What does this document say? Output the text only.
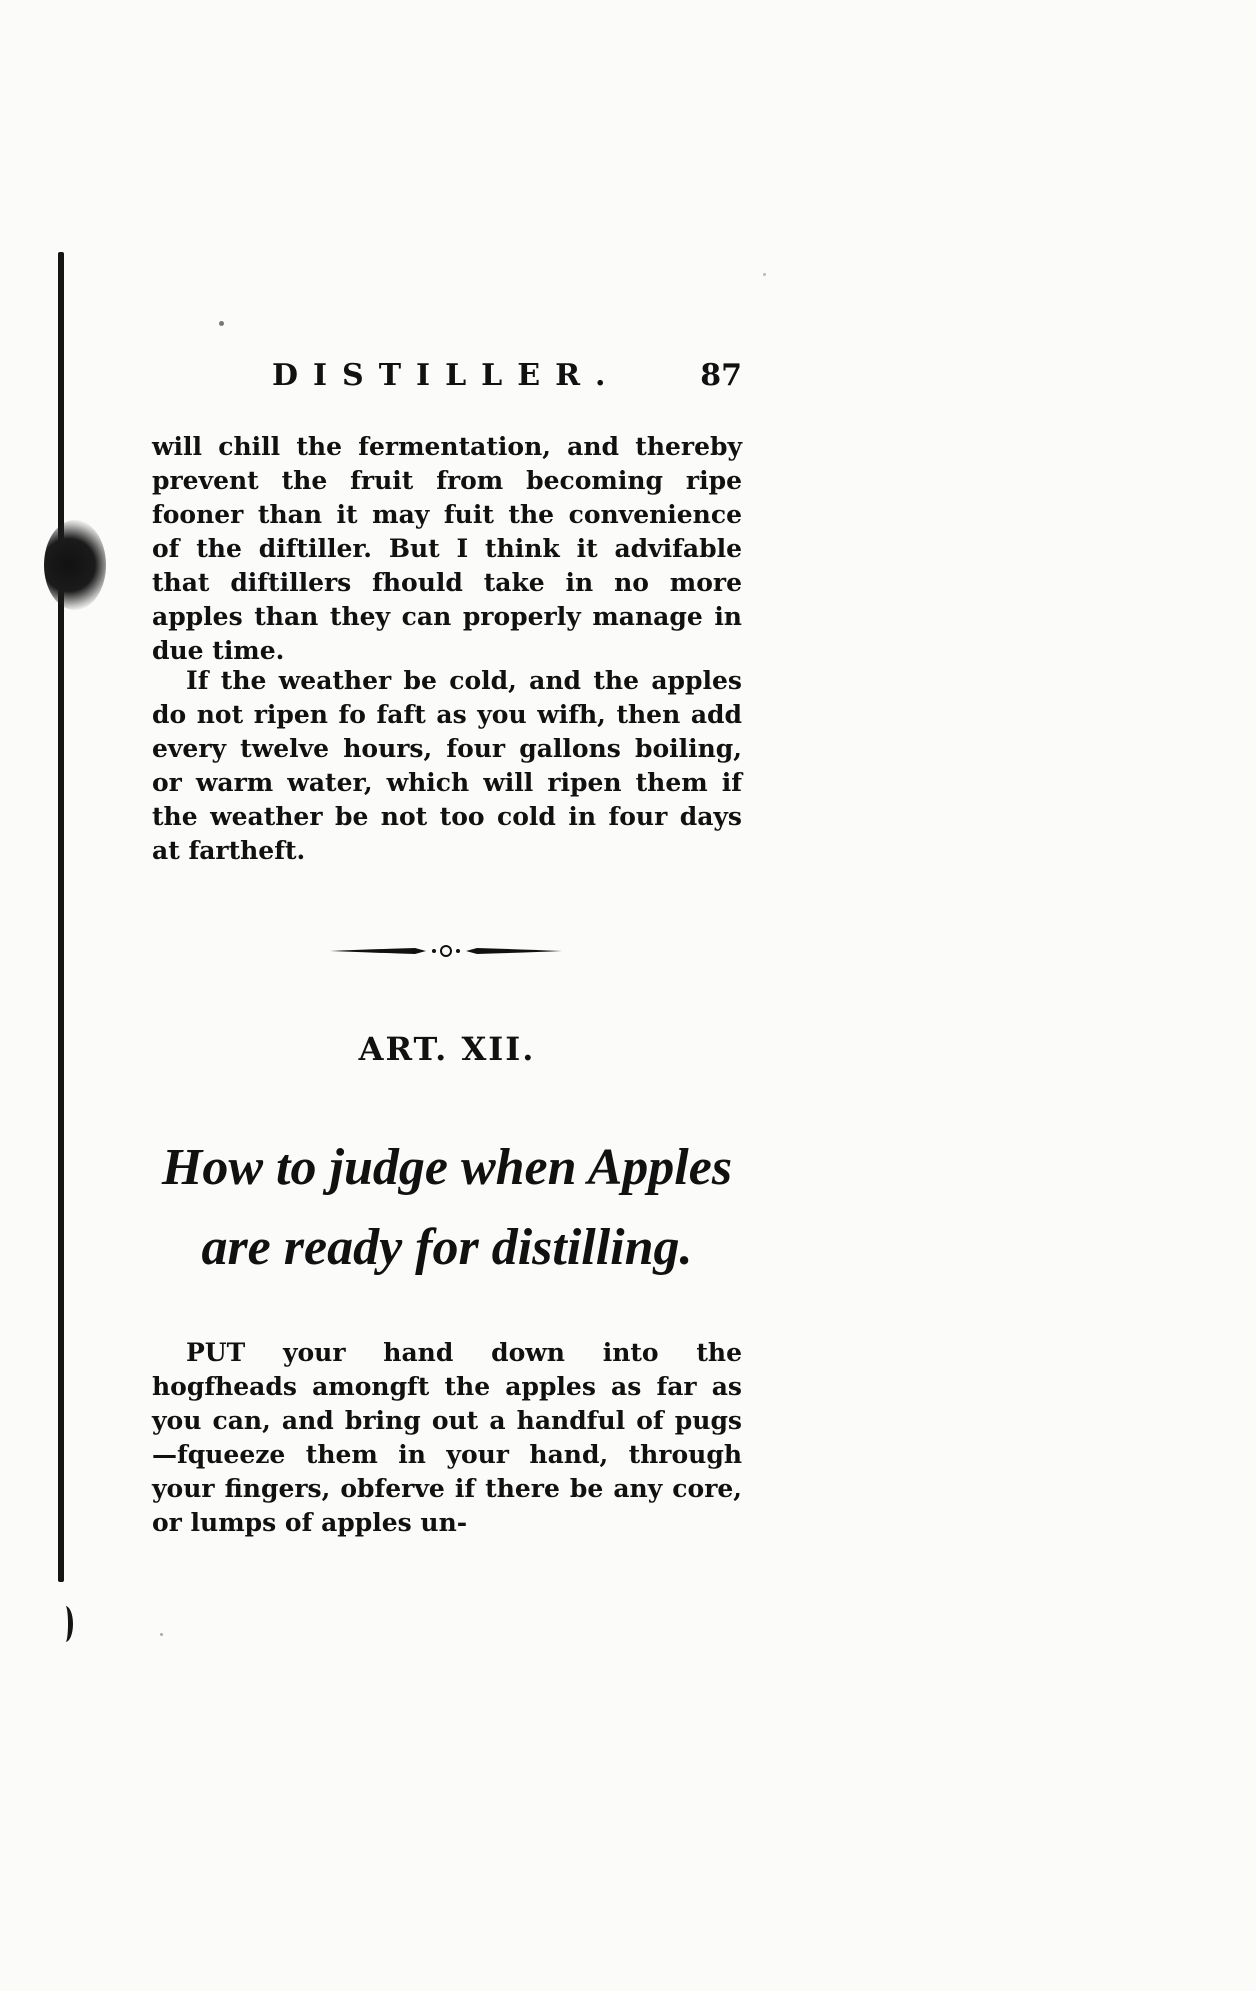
DISTILLER.	87

will chill the fermentation, and thereby prevent the fruit from becoming ripe fooner than it may fuit the convenience of the diftiller. But I think it advifable that diftillers fhould take in no more apples than they can properly manage in due time.

If the weather be cold, and the apples do not ripen fo faft as you wifh, then add every twelve hours, four gallons boiling, or warm water, which will ripen them if the weather be not too cold in four days at fartheft.

ART. XII.
How to judge when Apples
are ready for distilling.

PUT your hand down into the hogfheads amongft the apples as far as you can, and bring out a handful of pugs—fqueeze them in your hand, through your fingers, obferve if there be any core, or lumps of apples un-
